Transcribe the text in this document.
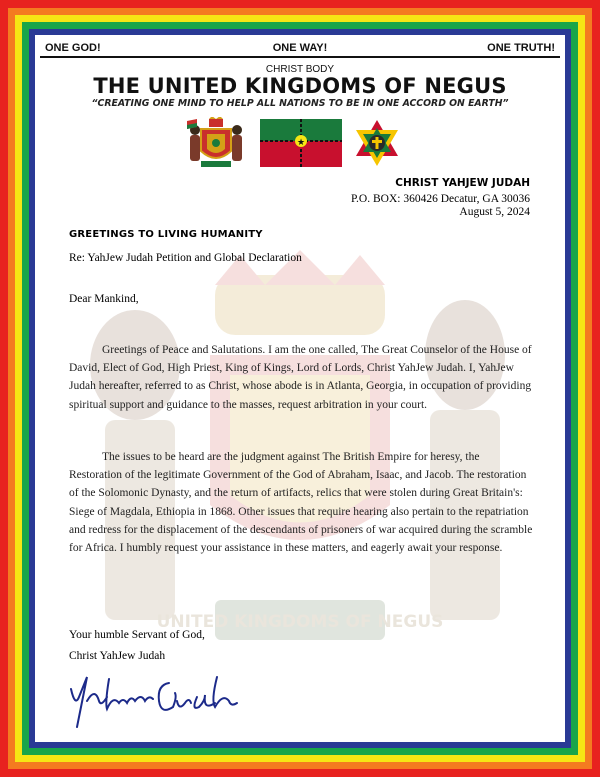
UNITED KINGDOMS OF NEGUS
ONE GOD!	ONE WAY!	ONE TRUTH!
CHRIST BODY
THE UNITED KINGDOMS OF NEGUS
“CREATING ONE MIND TO HELP ALL NATIONS TO BE IN ONE ACCORD ON EARTH”
★
CHRIST YAHJEW JUDAH
P.O. BOX: 360426 Decatur, GA 30036
August 5, 2024
GREETINGS TO LIVING HUMANITY
Re: YahJew Judah Petition and Global Declaration
Dear Mankind,

Greetings of Peace and Salutations. I am the one called, The Great Counselor of the House of David, Elect of God, High Priest, King of Kings, Lord of Lords, Christ YahJew Judah. I, YahJew Judah hereafter, referred to as Christ, whose abode is in Atlanta, Georgia, in occupation of providing spiritual support and guidance to the masses, request arbitration in your court.

The issues to be heard are the judgment against The British Empire for heresy, the Restoration of the legitimate Government of the God of Abraham, Isaac, and Jacob. The restoration of the Solomonic Dynasty, and the return of artifacts, relics that were stolen during Great Britain's: Siege of Magdala, Ethiopia in 1868. Other issues that require hearing also pertain to the repatriation and redress for the displacement of the descendants of prisoners of war acquired during the scramble for Africa. I humbly request your assistance in these matters, and eagerly await your response.

Your humble Servant of God,
Christ YahJew Judah
